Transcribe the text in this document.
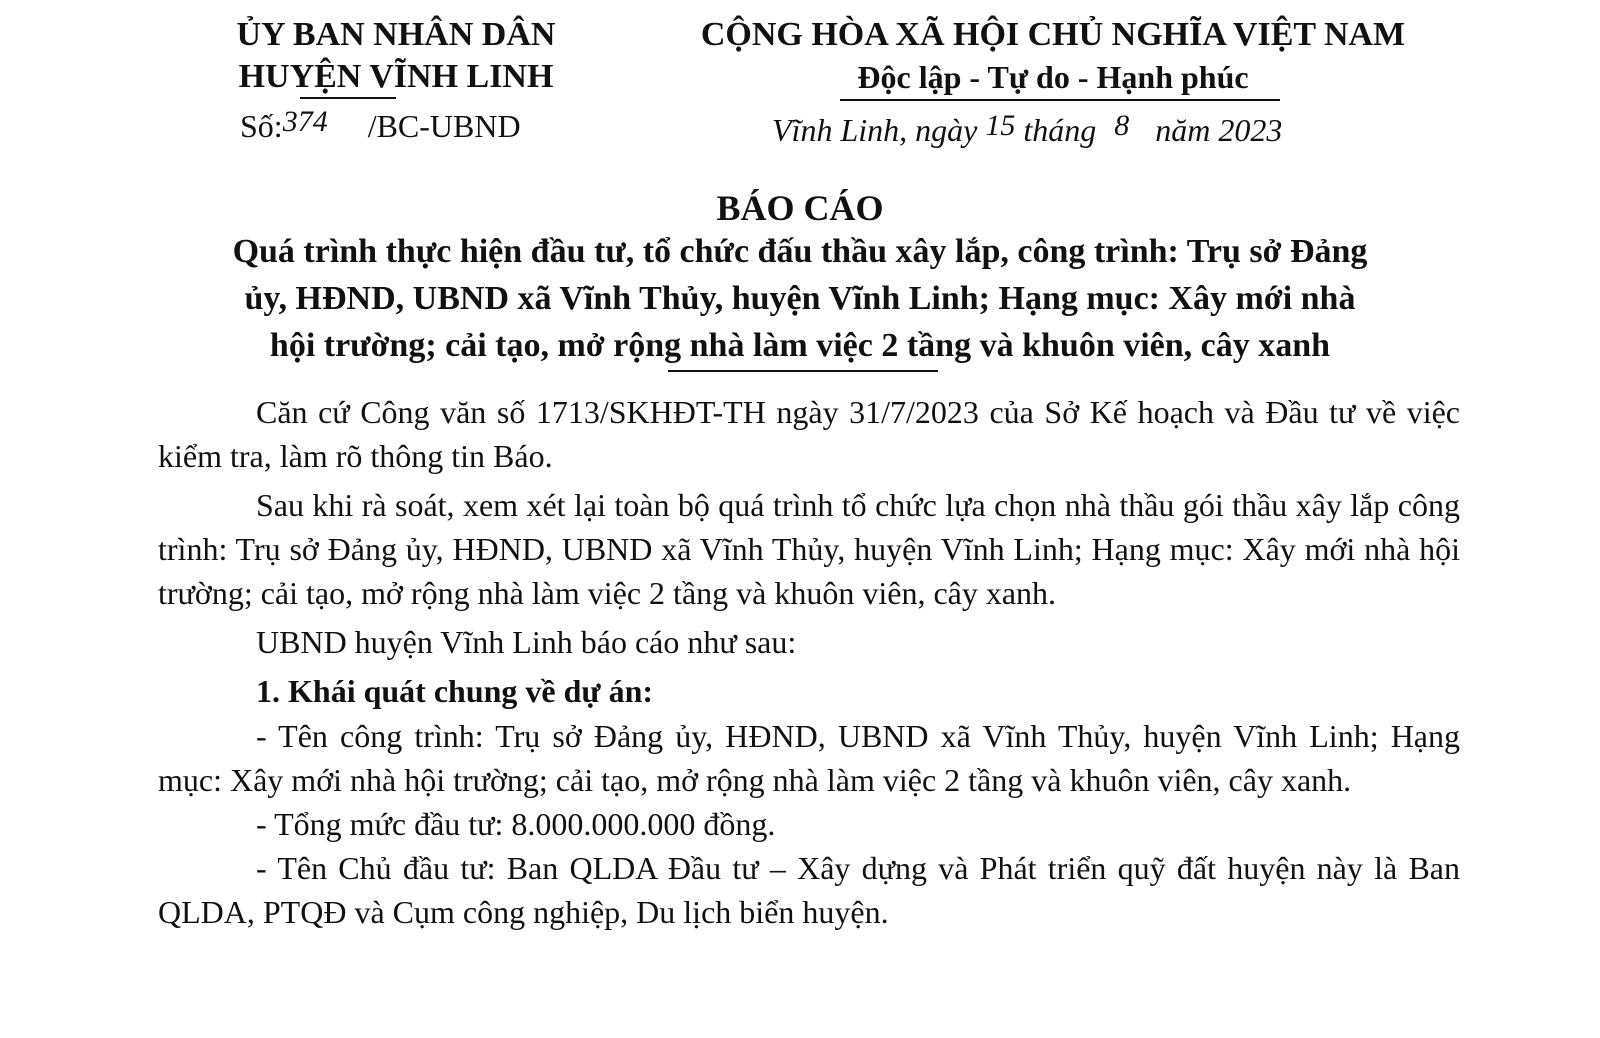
ỦY BAN NHÂN DÂN
HUYỆN VĨNH LINH
Số:374 /BC-UBND
CỘNG HÒA XÃ HỘI CHỦ NGHĨA VIỆT NAM
Độc lập - Tự do - Hạnh phúc
Vĩnh Linh, ngày 15 tháng 8 năm 2023
BÁO CÁO
Quá trình thực hiện đầu tư, tổ chức đấu thầu xây lắp, công trình: Trụ sở Đảng
ủy, HĐND, UBND xã Vĩnh Thủy, huyện Vĩnh Linh; Hạng mục: Xây mới nhà
hội trường; cải tạo, mở rộng nhà làm việc 2 tầng và khuôn viên, cây xanh

Căn cứ Công văn số 1713/SKHĐT-TH ngày 31/7/2023 của Sở Kế hoạch và Đầu tư về việc kiểm tra, làm rõ thông tin Báo.

Sau khi rà soát, xem xét lại toàn bộ quá trình tổ chức lựa chọn nhà thầu gói thầu xây lắp công trình: Trụ sở Đảng ủy, HĐND, UBND xã Vĩnh Thủy, huyện Vĩnh Linh; Hạng mục: Xây mới nhà hội trường; cải tạo, mở rộng nhà làm việc 2 tầng và khuôn viên, cây xanh.

UBND huyện Vĩnh Linh báo cáo như sau:

1. Khái quát chung về dự án:

- Tên công trình: Trụ sở Đảng ủy, HĐND, UBND xã Vĩnh Thủy, huyện Vĩnh Linh; Hạng mục: Xây mới nhà hội trường; cải tạo, mở rộng nhà làm việc 2 tầng và khuôn viên, cây xanh.

- Tổng mức đầu tư: 8.000.000.000 đồng.

- Tên Chủ đầu tư: Ban QLDA Đầu tư – Xây dựng và Phát triển quỹ đất huyện này là Ban QLDA, PTQĐ và Cụm công nghiệp, Du lịch biển huyện.
